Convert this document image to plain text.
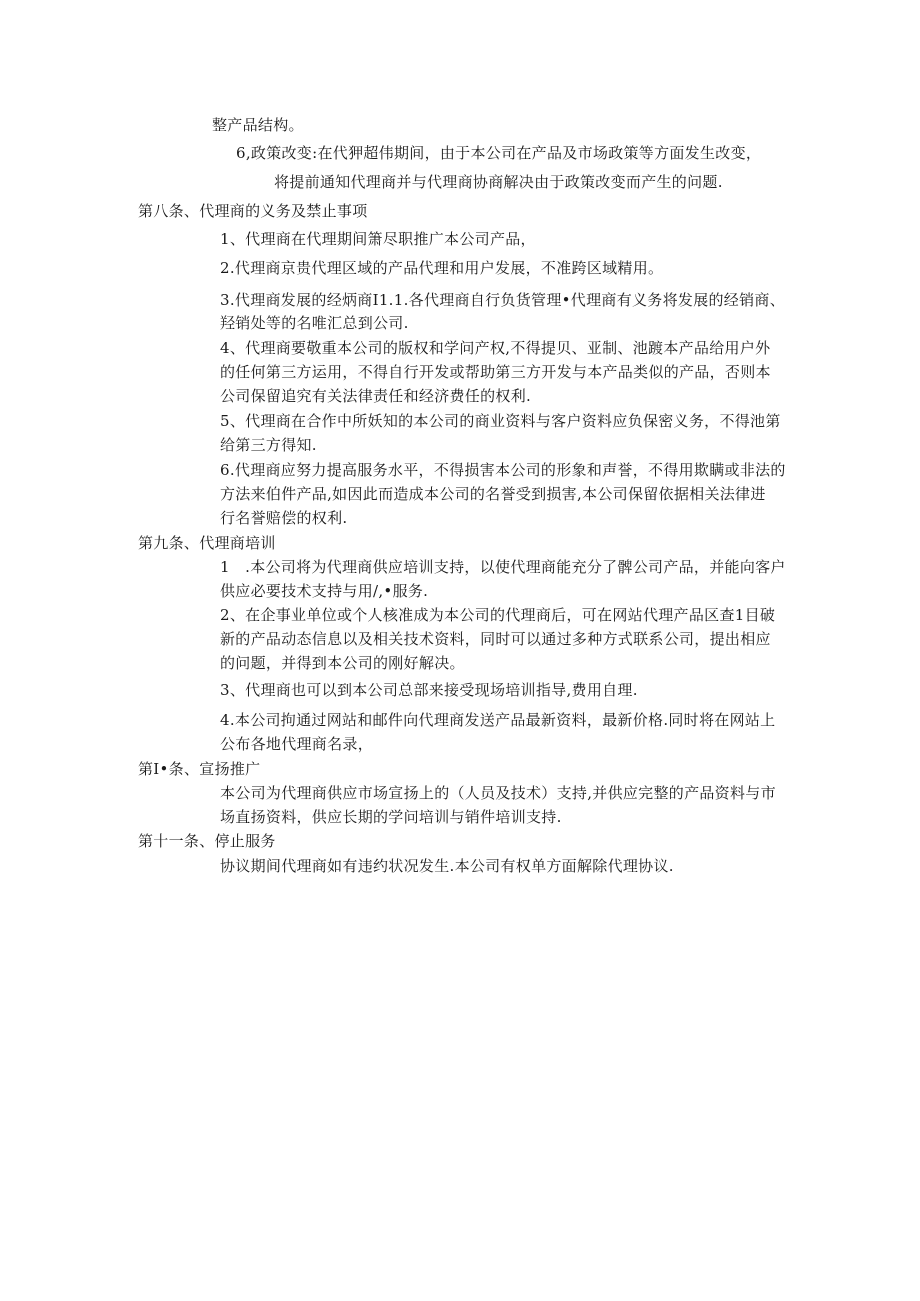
整产品结构。
6,政策改变:在代狎超伟期间，由于本公司在产品及市场政策等方面发生改变，
将提前通知代理商并与代理商协商解决由于政策改变而产生的问题.
第八条、代理商的义务及禁止事项
1、代理商在代理期间箫尽职推广本公司产品，
2.代理商京贵代理区域的产品代理和用户发展，不准跨区域精用。
3.代理商发展的经炳商I1.1.各代理商自行负货管理•代理商有义务将发展的经销商、
羟销处等的名唯汇总到公司.
4、代理商要敬重本公司的版权和学问产权,不得提贝、亚制、池踱本产品给用户外
的任何第三方运用，不得自行开发或帮助第三方开发与本产品类似的产品，否则本
公司保留追究有关法律责任和经济费任的权利.
5、代理商在合作中所妖知的本公司的商业资料与客户资料应负保密义务，不得池第
给第三方得知.
6.代理商应努力提高服务水平，不得损害本公司的形象和声誉，不得用欺瞒或非法的
方法来伯件产品,如因此而造成本公司的名誉受到损害,本公司保留依据相关法律进
行名誉赔偿的权利.
第九条、代理商培训
1　.本公司将为代理商供应培训支持，以使代理商能充分了髀公司产品，并能向客户
供应必要技术支持与用/,•服务.
2、在企事业单位或个人核准成为本公司的代理商后，可在网站代理产品区查1目破
新的产品动态信息以及相关技术资料，同时可以通过多种方式联系公司，提出相应
的问题，并得到本公司的刚好解决。
3、代理商也可以到本公司总部来接受现场培训指导,费用自理.
4.本公司拘通过网站和邮件向代理商发送产品最新资料，最新价格.同时将在网站上
公布各地代理商名录，
第I•条、宣扬推广
本公司为代理商供应市场宣扬上的（人员及技术）支持,并供应完整的产品资料与市
场直扬资料，供应长期的学问培训与销件培训支持.
第十一条、停止服务
协议期间代理商如有违约状况发生.本公司有权单方面解除代理协议.
